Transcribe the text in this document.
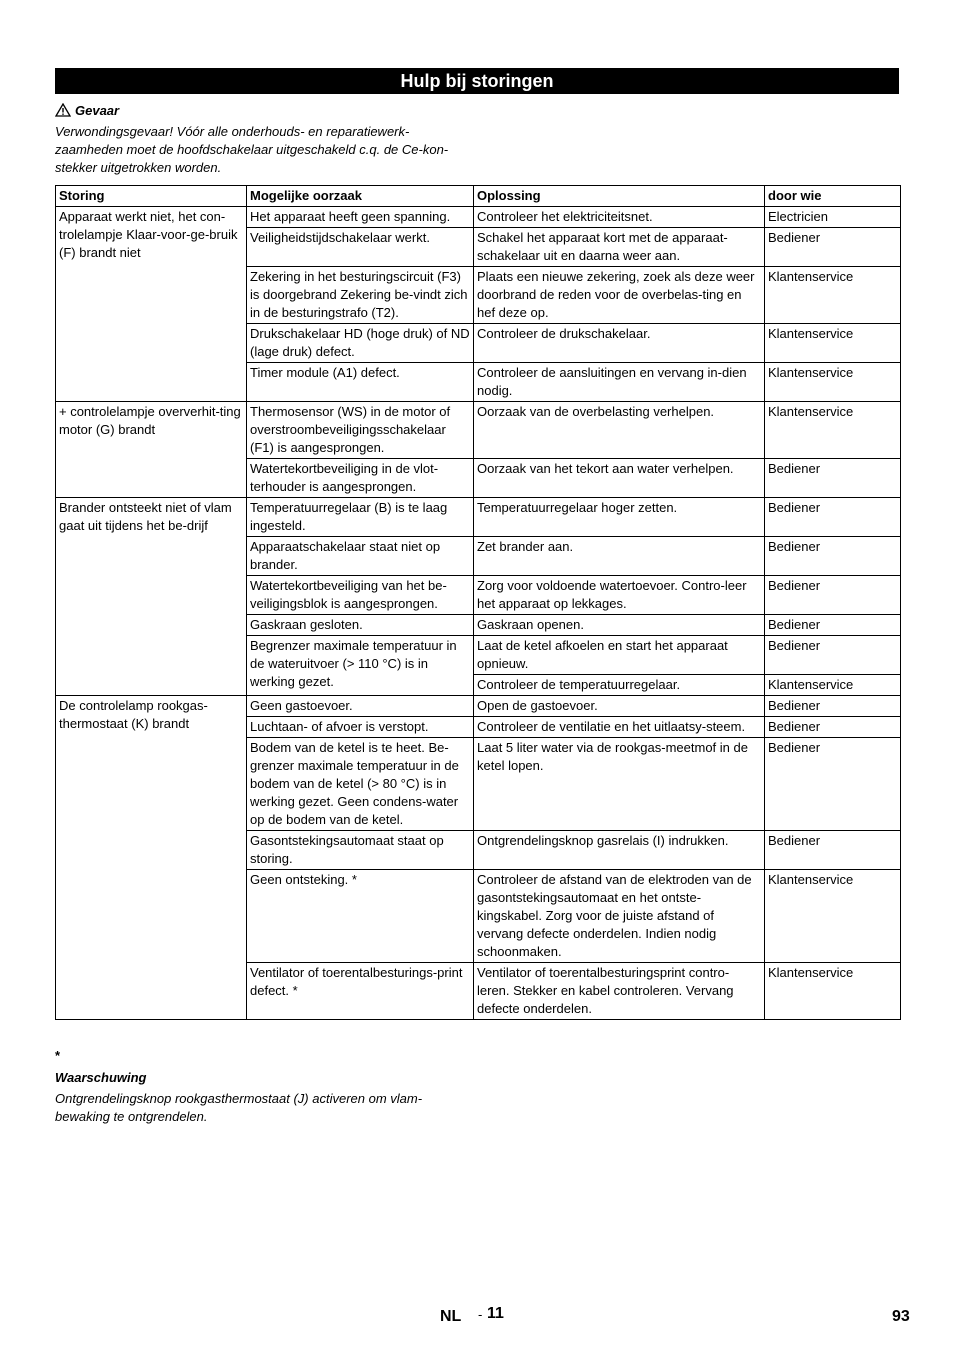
Hulp bij storingen
Gevaar
Verwondingsgevaar! Vóór alle onderhouds- en reparatiewerk-zaamheden moet de hoofdschakelaar uitgeschakeld c.q. de Ce-kon-stekker uitgetrokken worden.
Storing	Mogelijke oorzaak	Oplossing	door wie
Apparaat werkt niet, het con-trolelampje Klaar-voor-ge-bruik (F) brandt niet	Het apparaat heeft geen spanning.	Controleer het elektriciteitsnet.	Electricien
	Veiligheidstijdschakelaar werkt.	Schakel het apparaat kort met de apparaat-schakelaar uit en daarna weer aan.	Bediener
	Zekering in het besturingscircuit (F3) is doorgebrand Zekering be-vindt zich in de besturingstrafo (T2).	Plaats een nieuwe zekering, zoek als deze weer doorbrand de reden voor de overbelas-ting en hef deze op.	Klantenservice
	Drukschakelaar HD (hoge druk) of ND (lage druk) defect.	Controleer de drukschakelaar.	Klantenservice
	Timer module (A1) defect.	Controleer de aansluitingen en vervang in-dien nodig.	Klantenservice
+ controlelampje oververhit-ting motor (G) brandt	Thermosensor (WS) in de motor of overstroombeveiligingsschakelaar (F1) is aangesprongen.	Oorzaak van de overbelasting verhelpen.	Klantenservice
	Watertekortbeveiliging in de vlot-terhouder is aangesprongen.	Oorzaak van het tekort aan water verhelpen.	Bediener
Brander ontsteekt niet of vlam gaat uit tijdens het be-drijf	Temperatuurregelaar (B) is te laag ingesteld.	Temperatuurregelaar hoger zetten.	Bediener
	Apparaatschakelaar staat niet op brander.	Zet brander aan.	Bediener
	Watertekortbeveiliging van het be-veiligingsblok is aangesprongen.	Zorg voor voldoende watertoevoer. Contro-leer het apparaat op lekkages.	Bediener
	Gaskraan gesloten.	Gaskraan openen.	Bediener
	Begrenzer maximale temperatuur in de wateruitvoer (> 110 °C) is in werking gezet.	Laat de ketel afkoelen en start het apparaat opnieuw.	Bediener
		Controleer de temperatuurregelaar.	Klantenservice
De controlelamp rookgas-thermostaat (K) brandt	Geen gastoevoer.	Open de gastoevoer.	Bediener
	Luchtaan- of afvoer is verstopt.	Controleer de ventilatie en het uitlaatsy-steem.	Bediener
	Bodem van de ketel is te heet. Be-grenzer maximale temperatuur in de bodem van de ketel (> 80 °C) is in werking gezet. Geen condens-water op de bodem van de ketel.	Laat 5 liter water via de rookgas-meetmof in de ketel lopen.	Bediener
	Gasontstekingsautomaat staat op storing.	Ontgrendelingsknop gasrelais (I) indrukken.	Bediener
	Geen ontsteking. *	Controleer de afstand van de elektroden van de gasontstekingsautomaat en het ontste-kingskabel. Zorg voor de juiste afstand of vervang defecte onderdelen. Indien nodig schoonmaken.	Klantenservice
	Ventilator of toerentalbesturings-print defect. *	Ventilator of toerentalbesturingsprint contro-leren. Stekker en kabel controleren. Vervang defecte onderdelen.	Klantenservice
*
Waarschuwing
Ontgrendelingsknop rookgasthermostaat (J) activeren om vlam-bewaking te ontgrendelen.
NL - 11	93
